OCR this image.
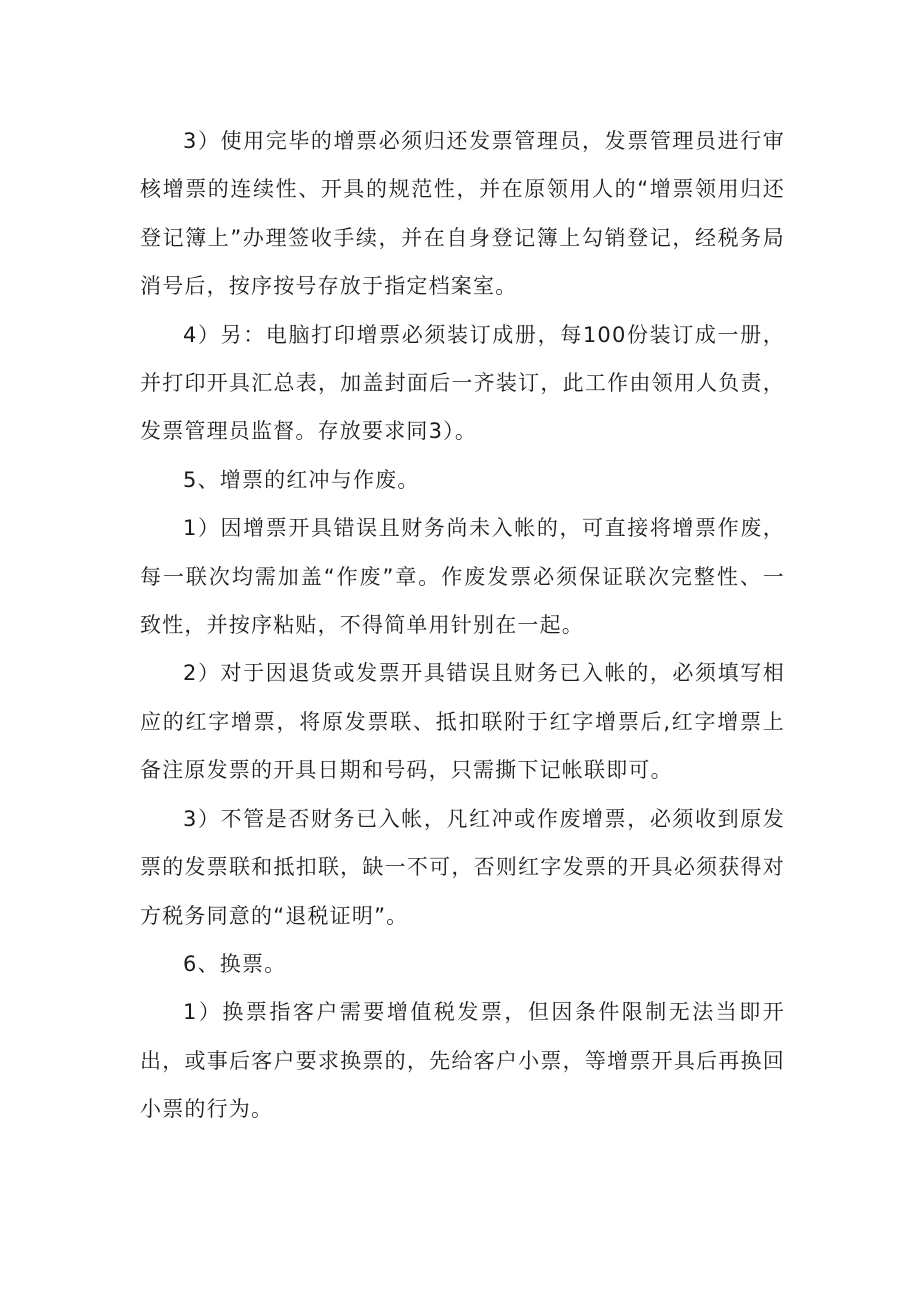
3）使用完毕的增票必须归还发票管理员，发票管理员进行审核增票的连续性、开具的规范性，并在原领用人的“增票领用归还登记簿上”办理签收手续，并在自身登记簿上勾销登记，经税务局消号后，按序按号存放于指定档案室。

4）另：电脑打印增票必须装订成册，每100份装订成一册，并打印开具汇总表，加盖封面后一齐装订，此工作由领用人负责，发票管理员监督。存放要求同3）。

5、增票的红冲与作废。

1）因增票开具错误且财务尚未入帐的，可直接将增票作废，每一联次均需加盖“作废”章。作废发票必须保证联次完整性、一致性，并按序粘贴，不得简单用针别在一起。

2）对于因退货或发票开具错误且财务已入帐的，必须填写相应的红字增票，将原发票联、抵扣联附于红字增票后,红字增票上备注原发票的开具日期和号码，只需撕下记帐联即可。

3）不管是否财务已入帐，凡红冲或作废增票，必须收到原发票的发票联和抵扣联，缺一不可，否则红字发票的开具必须获得对方税务同意的“退税证明”。

6、换票。

1）换票指客户需要增值税发票，但因条件限制无法当即开出，或事后客户要求换票的，先给客户小票，等增票开具后再换回小票的行为。
